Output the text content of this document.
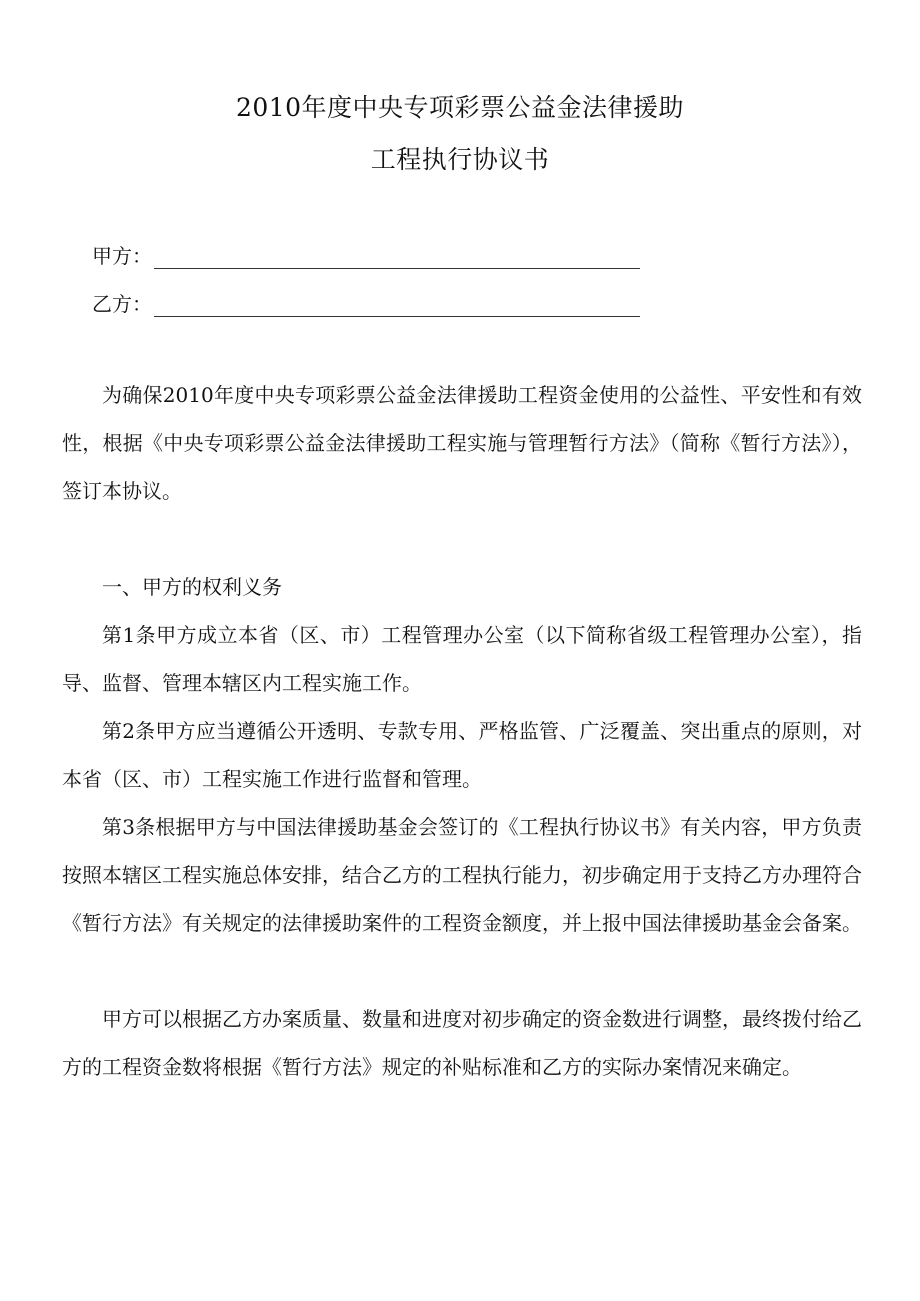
2010年度中央专项彩票公益金法律援助
工程执行协议书
甲方：
乙方：

为确保2010年度中央专项彩票公益金法律援助工程资金使用的公益性、平安性和有效性，根据《中央专项彩票公益金法律援助工程实施与管理暂行方法》（简称《暂行方法》），签订本协议。

一、甲方的权利义务

第1条甲方成立本省（区、市）工程管理办公室（以下简称省级工程管理办公室），指导、监督、管理本辖区内工程实施工作。

第2条甲方应当遵循公开透明、专款专用、严格监管、广泛覆盖、突出重点的原则，对本省（区、市）工程实施工作进行监督和管理。

第3条根据甲方与中国法律援助基金会签订的《工程执行协议书》有关内容，甲方负责按照本辖区工程实施总体安排，结合乙方的工程执行能力，初步确定用于支持乙方办理符合《暂行方法》有关规定的法律援助案件的工程资金额度，并上报中国法律援助基金会备案。

甲方可以根据乙方办案质量、数量和进度对初步确定的资金数进行调整，最终拨付给乙方的工程资金数将根据《暂行方法》规定的补贴标准和乙方的实际办案情况来确定。
